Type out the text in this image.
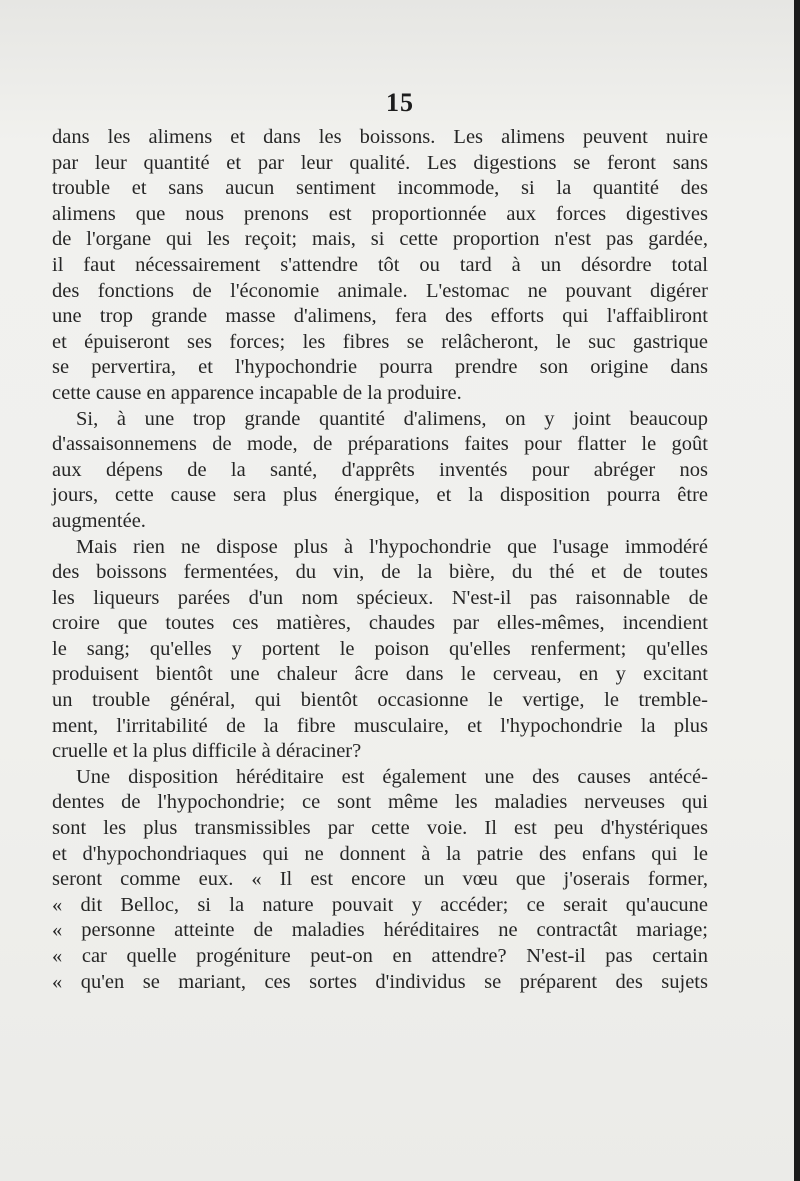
15
dans les alimens et dans les boissons. Les alimens peuvent nuire
par leur quantité et par leur qualité. Les digestions se feront sans
trouble et sans aucun sentiment incommode, si la quantité des
alimens que nous prenons est proportionnée aux forces digestives
de l'organe qui les reçoit; mais, si cette proportion n'est pas gardée,
il faut nécessairement s'attendre tôt ou tard à un désordre total
des fonctions de l'économie animale. L'estomac ne pouvant digérer
une trop grande masse d'alimens, fera des efforts qui l'affaibliront
et épuiseront ses forces; les fibres se relâcheront, le suc gastrique
se pervertira, et l'hypochondrie pourra prendre son origine dans
cette cause en apparence incapable de la produire.
Si, à une trop grande quantité d'alimens, on y joint beaucoup
d'assaisonnemens de mode, de préparations faites pour flatter le goût
aux dépens de la santé, d'apprêts inventés pour abréger nos
jours, cette cause sera plus énergique, et la disposition pourra être
augmentée.
Mais rien ne dispose plus à l'hypochondrie que l'usage immodéré
des boissons fermentées, du vin, de la bière, du thé et de toutes
les liqueurs parées d'un nom spécieux. N'est-il pas raisonnable de
croire que toutes ces matières, chaudes par elles-mêmes, incendient
le sang; qu'elles y portent le poison qu'elles renferment; qu'elles
produisent bientôt une chaleur âcre dans le cerveau, en y excitant
un trouble général, qui bientôt occasionne le vertige, le tremble-
ment, l'irritabilité de la fibre musculaire, et l'hypochondrie la plus
cruelle et la plus difficile à déraciner?
Une disposition héréditaire est également une des causes antécé-
dentes de l'hypochondrie; ce sont même les maladies nerveuses qui
sont les plus transmissibles par cette voie. Il est peu d'hystériques
et d'hypochondriaques qui ne donnent à la patrie des enfans qui le
seront comme eux. « Il est encore un vœu que j'oserais former,
« dit Belloc, si la nature pouvait y accéder; ce serait qu'aucune
« personne atteinte de maladies héréditaires ne contractât mariage;
« car quelle progéniture peut-on en attendre? N'est-il pas certain
« qu'en se mariant, ces sortes d'individus se préparent des sujets
